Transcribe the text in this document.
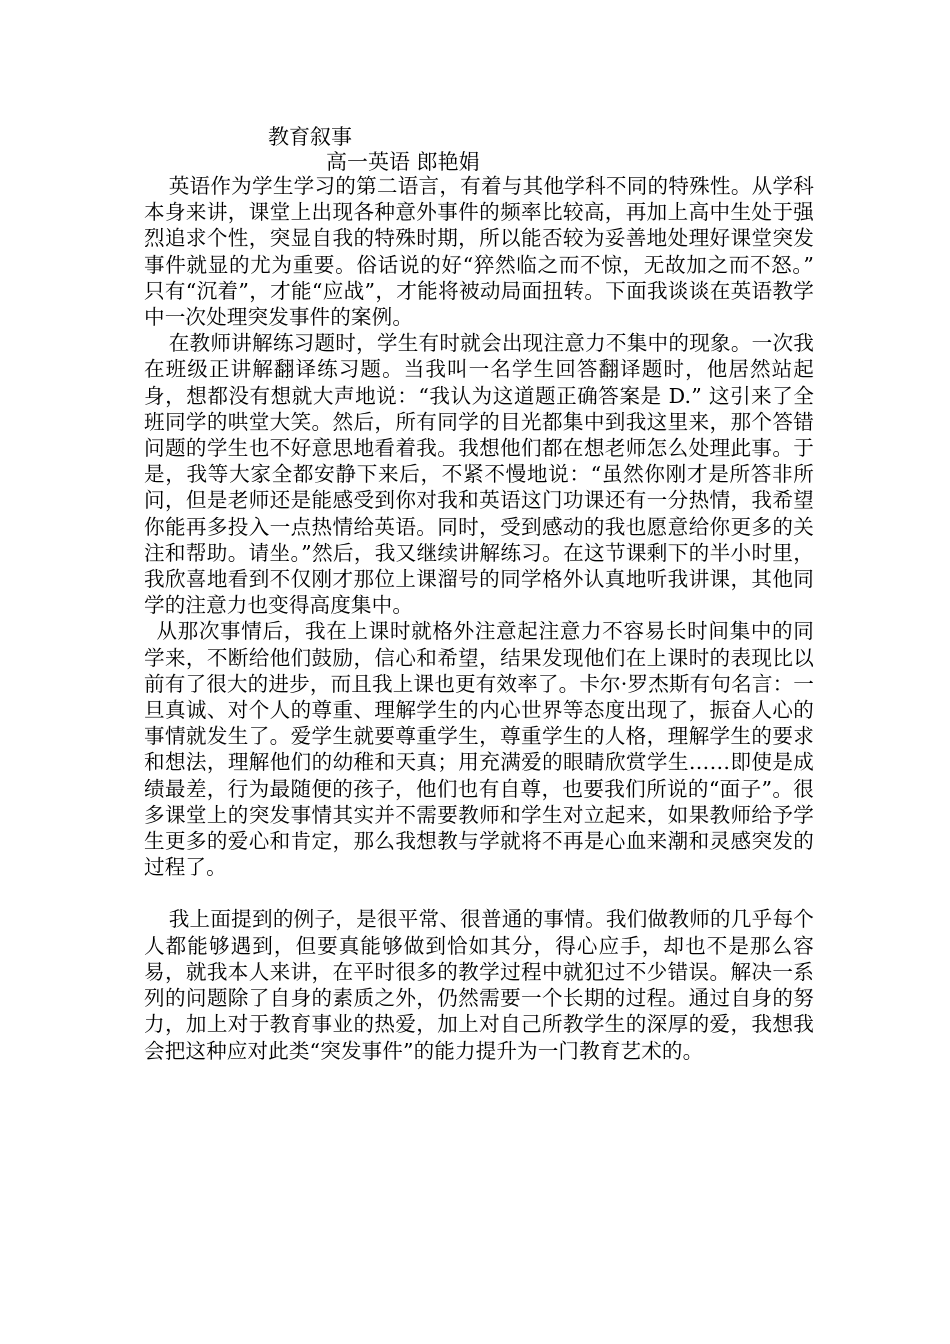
教育叙事
高一英语 郎艳娟

英语作为学生学习的第二语言，有着与其他学科不同的特殊性。从学科本身来讲，课堂上出现各种意外事件的频率比较高，再加上高中生处于强烈追求个性，突显自我的特殊时期，所以能否较为妥善地处理好课堂突发事件就显的尤为重要。俗话说的好“猝然临之而不惊，无故加之而不怒。” 只有“沉着”，才能“应战”，才能将被动局面扭转。下面我谈谈在英语教学中一次处理突发事件的案例。

在教师讲解练习题时，学生有时就会出现注意力不集中的现象。一次我在班级正讲解翻译练习题。当我叫一名学生回答翻译题时，他居然站起身，想都没有想就大声地说：“我认为这道题正确答案是 D.” 这引来了全班同学的哄堂大笑。然后，所有同学的目光都集中到我这里来，那个答错问题的学生也不好意思地看着我。我想他们都在想老师怎么处理此事。于是，我等大家全都安静下来后，不紧不慢地说：“虽然你刚才是所答非所问，但是老师还是能感受到你对我和英语这门功课还有一分热情，我希望你能再多投入一点热情给英语。同时，受到感动的我也愿意给你更多的关注和帮助。请坐。”然后，我又继续讲解练习。在这节课剩下的半小时里，我欣喜地看到不仅刚才那位上课溜号的同学格外认真地听我讲课，其他同学的注意力也变得高度集中。

从那次事情后，我在上课时就格外注意起注意力不容易长时间集中的同学来，不断给他们鼓励，信心和希望，结果发现他们在上课时的表现比以前有了很大的进步，而且我上课也更有效率了。卡尔·罗杰斯有句名言：一旦真诚、对个人的尊重、理解学生的内心世界等态度出现了，振奋人心的事情就发生了。爱学生就要尊重学生，尊重学生的人格，理解学生的要求和想法，理解他们的幼稚和天真；用充满爱的眼睛欣赏学生……即使是成绩最差，行为最随便的孩子，他们也有自尊，也要我们所说的“面子”。很多课堂上的突发事情其实并不需要教师和学生对立起来，如果教师给予学生更多的爱心和肯定，那么我想教与学就将不再是心血来潮和灵感突发的过程了。

我上面提到的例子，是很平常、很普通的事情。我们做教师的几乎每个人都能够遇到，但要真能够做到恰如其分，得心应手，却也不是那么容易，就我本人来讲，在平时很多的教学过程中就犯过不少错误。解决一系列的问题除了自身的素质之外，仍然需要一个长期的过程。通过自身的努力，加上对于教育事业的热爱，加上对自己所教学生的深厚的爱，我想我会把这种应对此类“突发事件”的能力提升为一门教育艺术的。
